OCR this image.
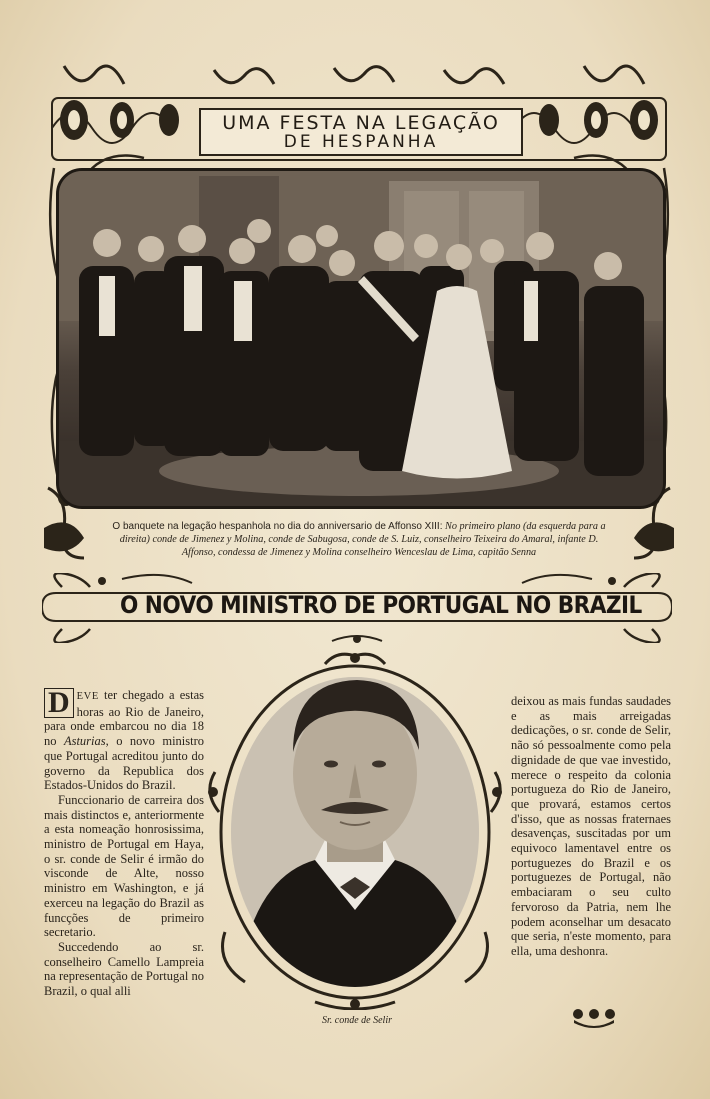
UMA FESTA NA LEGAÇÃO
DE HESPANHA
O banquete na legação hespanhola no dia do anniversario de Affonso XIII: No primeiro plano (da esquerda para a direita) conde de Jimenez y Molina, conde de Sabugosa, conde de S. Luiz, conselheiro Teixeira do Amaral, infante D. Affonso, condessa de Jimenez y Molina conselheiro Wenceslau de Lima, capitão Senna
O NOVO MINISTRO DE PORTUGAL NO BRAZIL

D EVE ter chegado a estas horas ao Rio de Janeiro, para onde embarcou no dia 18 no Asturias, o novo ministro que Portugal acreditou junto do governo da Republica dos Estados-Unidos do Brazil.

Funccionario de carreira dos mais distinctos e, anteriormente a esta nomeação honrosissima, ministro de Portugal em Haya, o sr. conde de Selir é irmão do visconde de Alte, nosso ministro em Washington, e já exerceu na legação do Brazil as funcções de primeiro secretario.

Succedendo ao sr. conselheiro Camello Lampreia na representação de Portugal no Brazil, o qual alli

Sr. conde de Selir

deixou as mais fundas saudades e as mais arreigadas dedicações, o sr. conde de Selir, não só pessoalmente como pela dignidade de que vae investido, merece o respeito da colonia portugueza do Rio de Janeiro, que provará, estamos certos d'isso, que as nossas fraternaes desavenças, suscitadas por um equivoco lamentavel entre os portuguezes do Brazil e os portuguezes de Portugal, não embaciaram o seu culto fervoroso da Patria, nem lhe podem aconselhar um desacato que seria, n'este momento, para ella, uma deshonra.
